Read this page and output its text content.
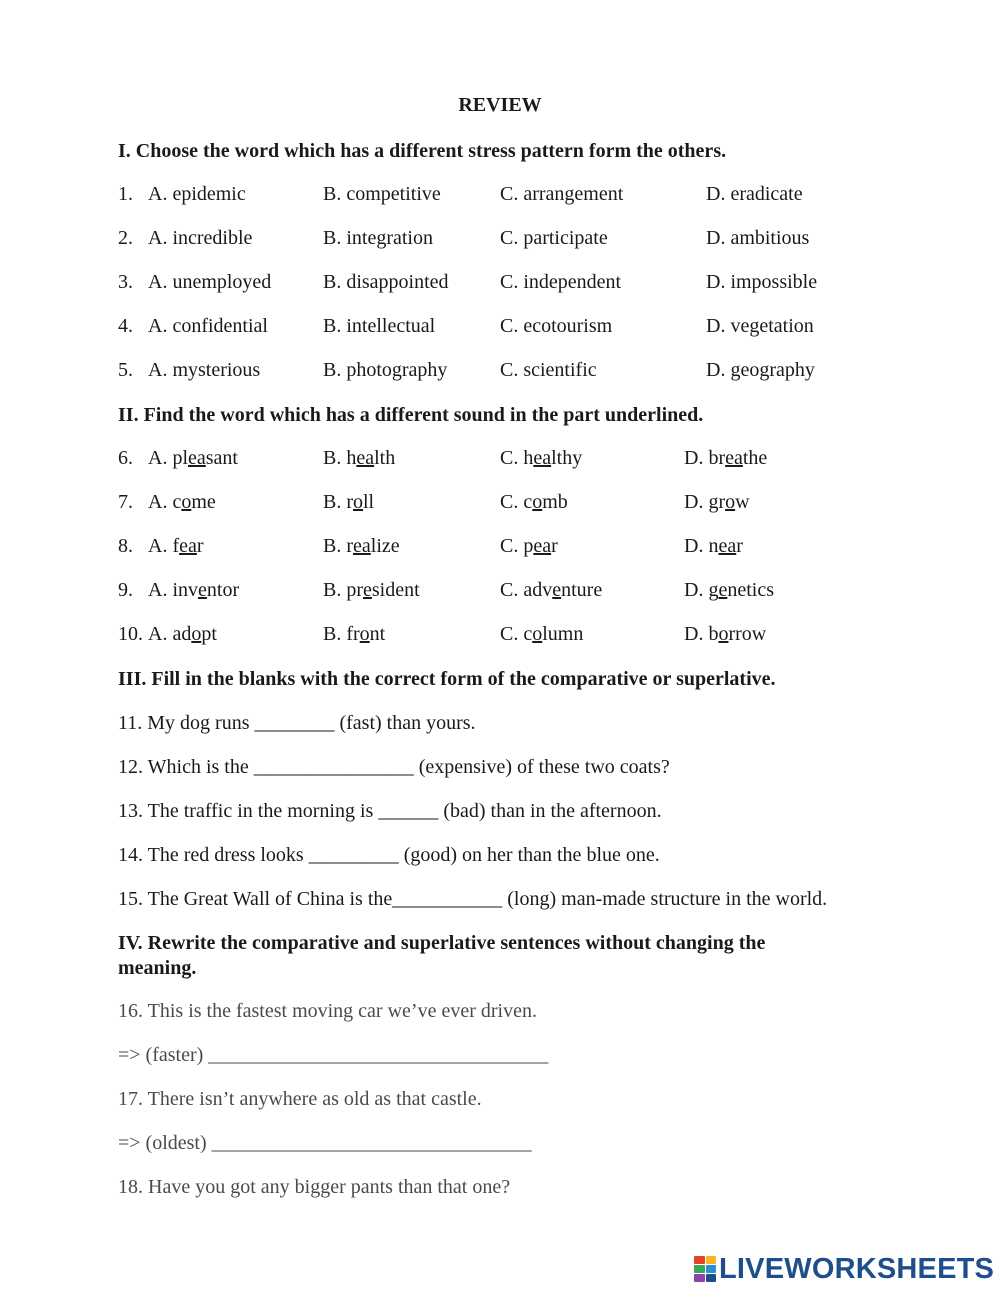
REVIEW
I. Choose the word which has a different stress pattern form the others.
1. A. epidemic	B. competitive	C. arrangement	D. eradicate
2. A. incredible	B. integration	C. participate	D. ambitious
3. A. unemployed	B. disappointed	C. independent	D. impossible
4. A. confidential	B. intellectual	C. ecotourism	D. vegetation
5. A. mysterious	B. photography	C. scientific	D. geography
II. Find the word which has a different sound in the part underlined.
6. A. pleasant	B. health	C. healthy	D. breathe
7. A. come	B. roll	C. comb	D. grow
8. A. fear	B. realize	C. pear	D. near
9. A. inventor	B. president	C. adventure	D. genetics
10. A. adopt	B. front	C. column	D. borrow
III. Fill in the blanks with the correct form of the comparative or superlative.
11. My dog runs ________ (fast) than yours.
12. Which is the ________________ (expensive) of these two coats?
13. The traffic in the morning is ______ (bad) than in the afternoon.
14. The red dress looks _________ (good) on her than the blue one.
15. The Great Wall of China is the___________ (long) man-made structure in the world.
IV. Rewrite the comparative and superlative sentences without changing the meaning.
16. This is the fastest moving car we’ve ever driven.
=> (faster) __________________________________
17. There isn’t anywhere as old as that castle.
=> (oldest) ________________________________
18. Have you got any bigger pants than that one?
LIVEWORKSHEETS
